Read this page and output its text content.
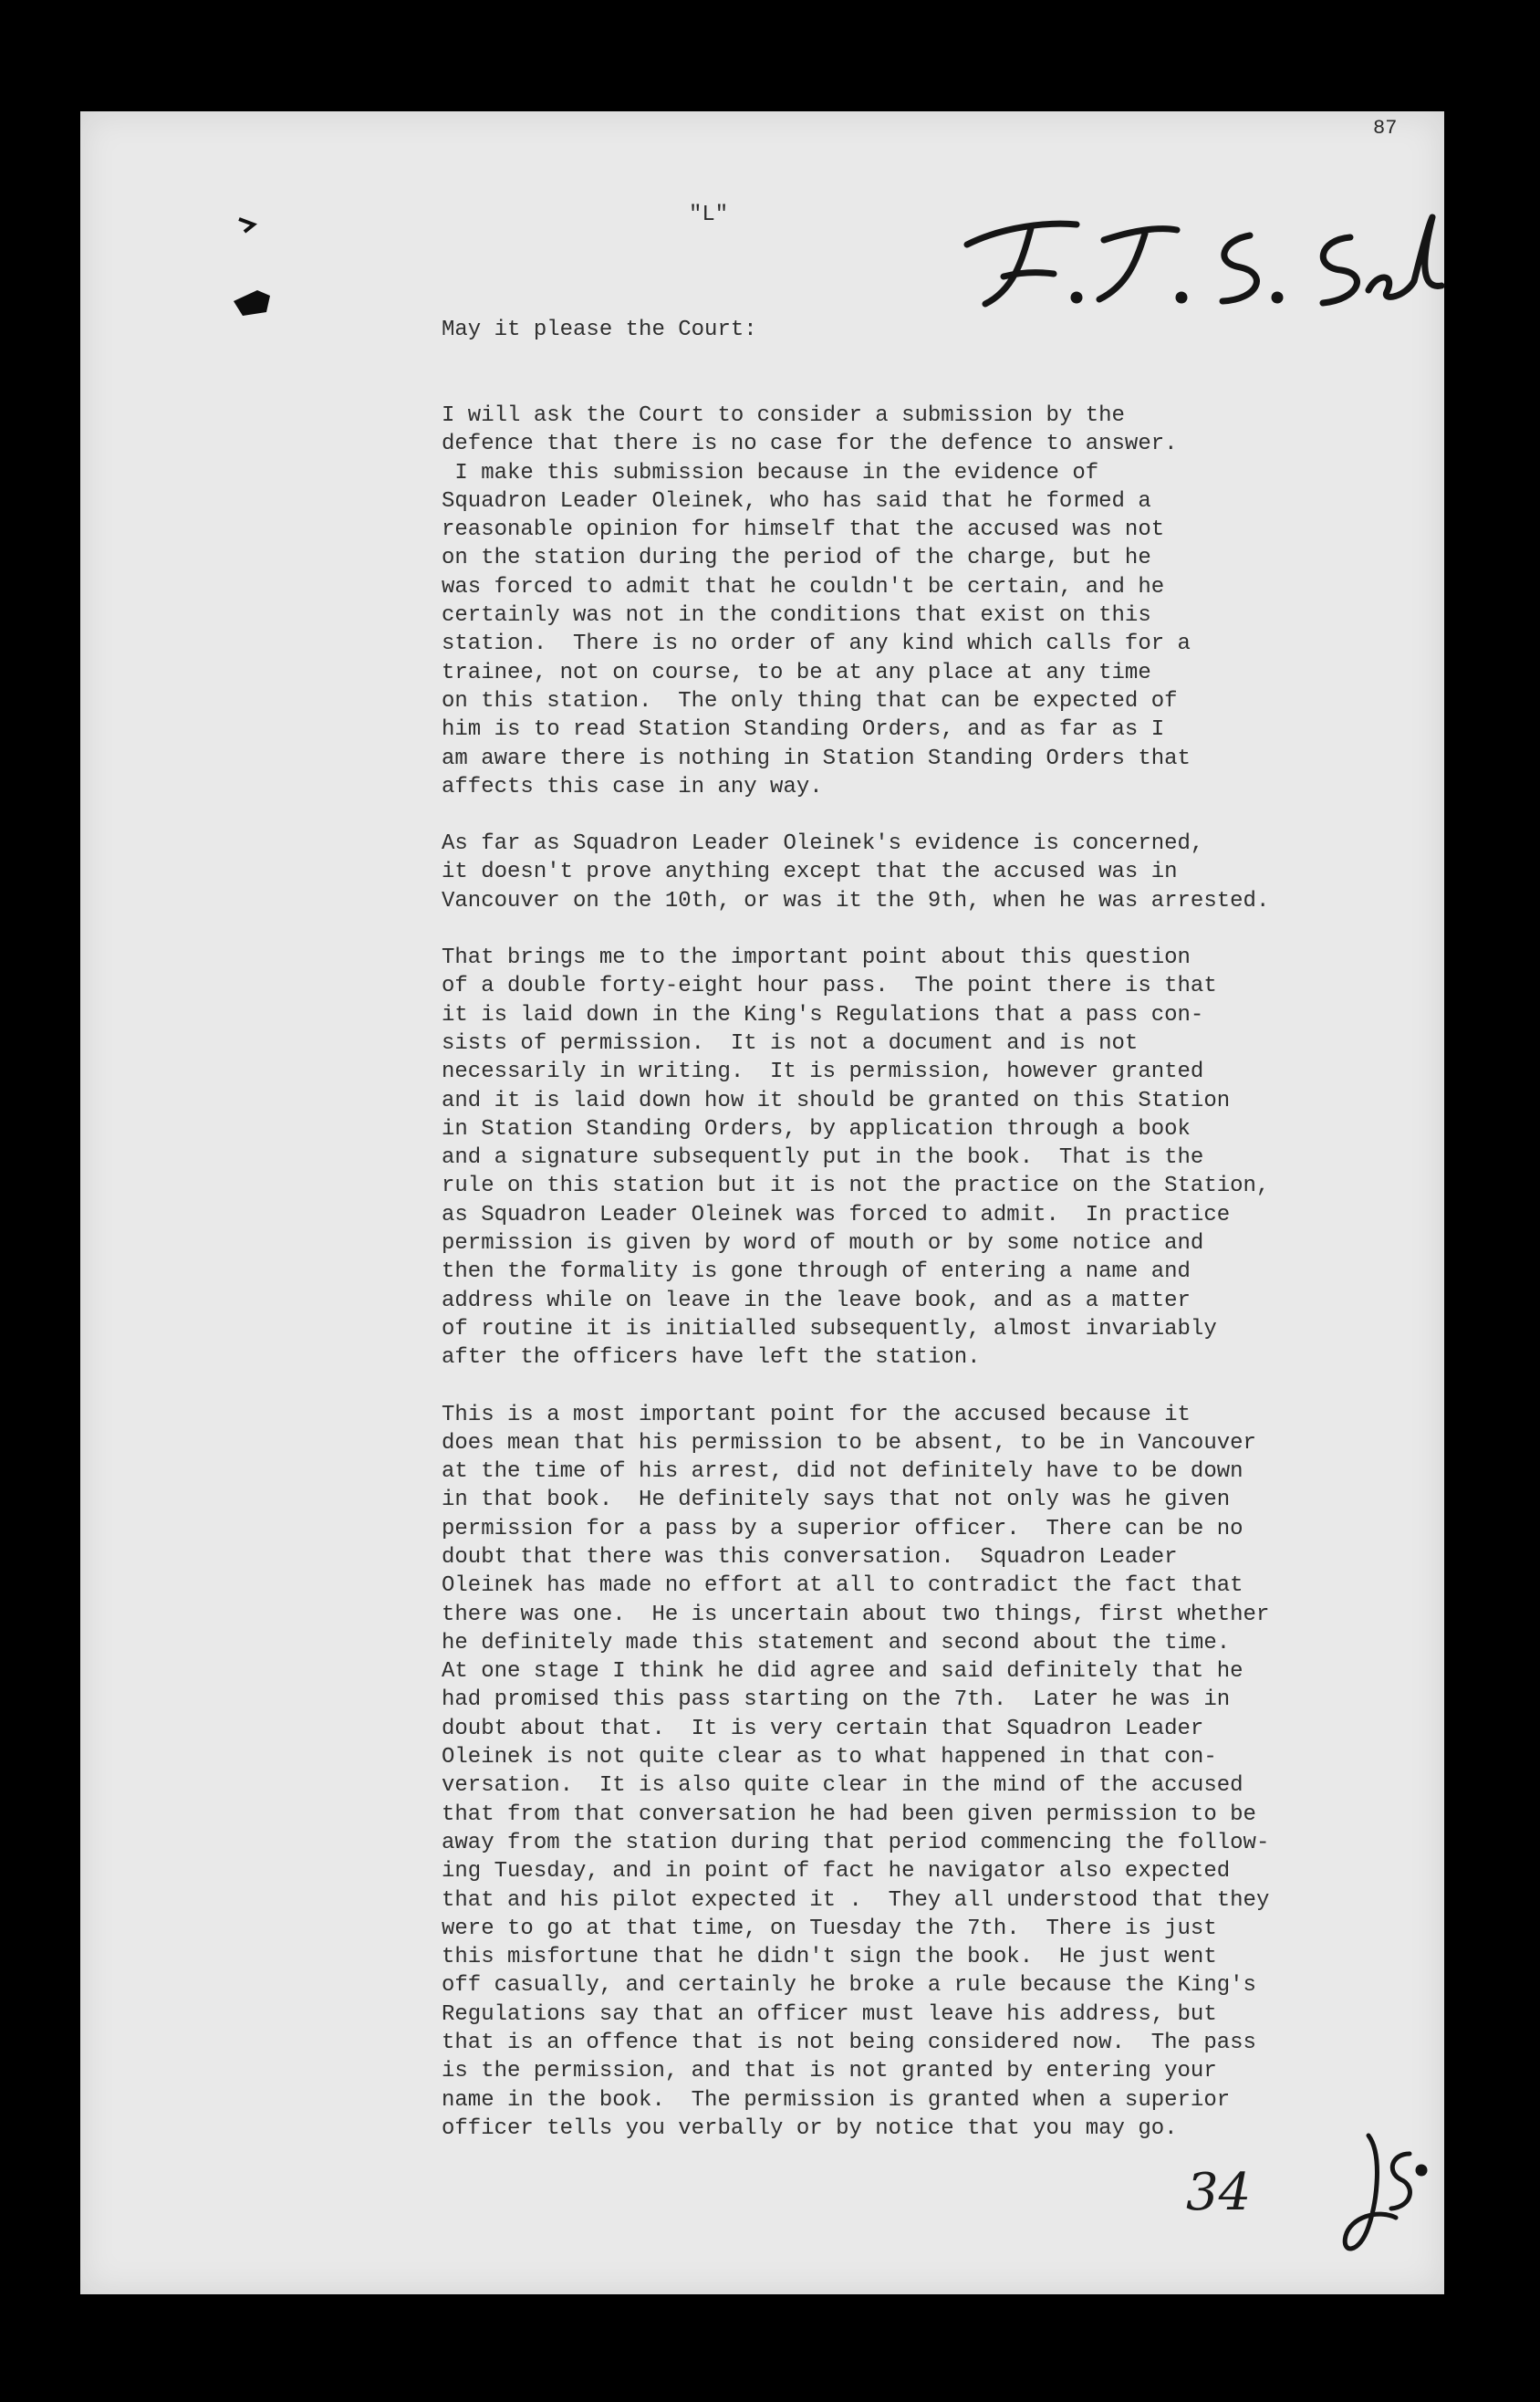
87
"L"
May it please the Court:
I will ask the Court to consider a submission by the
defence that there is no case for the defence to answer.
I make this submission because in the evidence of
Squadron Leader Oleinek, who has said that he formed a
reasonable opinion for himself that the accused was not
on the station during the period of the charge, but he
was forced to admit that he couldn't be certain, and he
certainly was not in the conditions that exist on this
station.  There is no order of any kind which calls for a
trainee, not on course, to be at any place at any time
on this station.  The only thing that can be expected of
him is to read Station Standing Orders, and as far as I
am aware there is nothing in Station Standing Orders that
affects this case in any way.
As far as Squadron Leader Oleinek's evidence is concerned,
it doesn't prove anything except that the accused was in
Vancouver on the 10th, or was it the 9th, when he was arrested.
That brings me to the important point about this question
of a double forty-eight hour pass.  The point there is that
it is laid down in the King's Regulations that a pass con-
sists of permission.  It is not a document and is not
necessarily in writing.  It is permission, however granted
and it is laid down how it should be granted on this Station
in Station Standing Orders, by application through a book
and a signature subsequently put in the book.  That is the
rule on this station but it is not the practice on the Station,
as Squadron Leader Oleinek was forced to admit.  In practice
permission is given by word of mouth or by some notice and
then the formality is gone through of entering a name and
address while on leave in the leave book, and as a matter
of routine it is initialled subsequently, almost invariably
after the officers have left the station.
This is a most important point for the accused because it
does mean that his permission to be absent, to be in Vancouver
at the time of his arrest, did not definitely have to be down
in that book.  He definitely says that not only was he given
permission for a pass by a superior officer.  There can be no
doubt that there was this conversation.  Squadron Leader
Oleinek has made no effort at all to contradict the fact that
there was one.  He is uncertain about two things, first whether
he definitely made this statement and second about the time.
At one stage I think he did agree and said definitely that he
had promised this pass starting on the 7th.  Later he was in
doubt about that.  It is very certain that Squadron Leader
Oleinek is not quite clear as to what happened in that con-
versation.  It is also quite clear in the mind of the accused
that from that conversation he had been given permission to be
away from the station during that period commencing the follow-
ing Tuesday, and in point of fact he navigator also expected
that and his pilot expected it .  They all understood that they
were to go at that time, on Tuesday the 7th.  There is just
this misfortune that he didn't sign the book.  He just went
off casually, and certainly he broke a rule because the King's
Regulations say that an officer must leave his address, but
that is an offence that is not being considered now.  The pass
is the permission, and that is not granted by entering your
name in the book.  The permission is granted when a superior
officer tells you verbally or by notice that you may go.
34
